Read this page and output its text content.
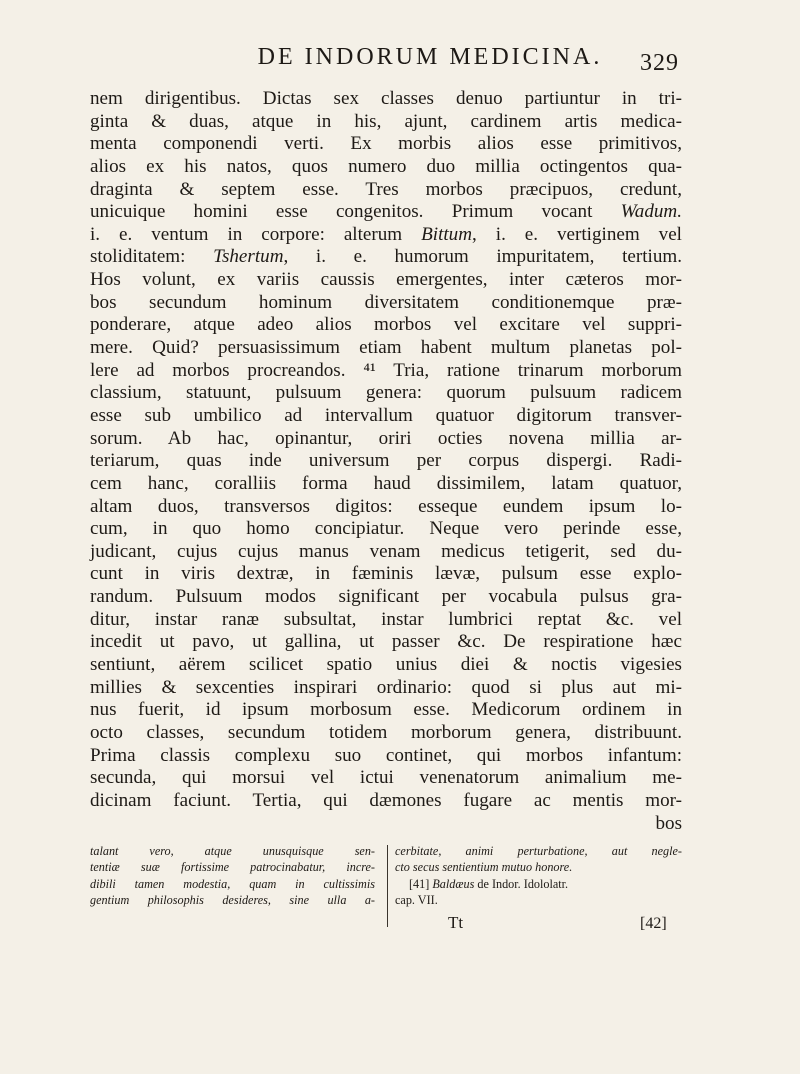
DE INDORUM MEDICINA.	329
nem dirigentibus. Dictas sex classes denuo partiuntur in tri-
ginta & duas, atque in his, ajunt, cardinem artis medica-
menta componendi verti. Ex morbis alios esse primitivos,
alios ex his natos, quos numero duo millia octingentos qua-
draginta & septem esse. Tres morbos præcipuos, credunt,
unicuique homini esse congenitos. Primum vocant Wadum.
i. e. ventum in corpore: alterum Bittum, i. e. vertiginem vel
stoliditatem: Tshertum, i. e. humorum impuritatem, tertium.
Hos volunt, ex variis caussis emergentes, inter cæteros mor-
bos secundum hominum diversitatem conditionemque præ-
ponderare, atque adeo alios morbos vel excitare vel suppri-
mere. Quid? persuasissimum etiam habent multum planetas pol-
lere ad morbos procreandos. ⁴¹ Tria, ratione trinarum morborum
classium, statuunt, pulsuum genera: quorum pulsuum radicem
esse sub umbilico ad intervallum quatuor digitorum transver-
sorum. Ab hac, opinantur, oriri octies novena millia ar-
teriarum, quas inde universum per corpus dispergi. Radi-
cem hanc, coralliis forma haud dissimilem, latam quatuor,
altam duos, transversos digitos: esseque eundem ipsum lo-
cum, in quo homo concipiatur. Neque vero perinde esse,
judicant, cujus cujus manus venam medicus tetigerit, sed du-
cunt in viris dextræ, in fæminis lævæ, pulsum esse explo-
randum. Pulsuum modos significant per vocabula pulsus gra-
ditur, instar ranæ subsultat, instar lumbrici reptat &c. vel
incedit ut pavo, ut gallina, ut passer &c. De respiratione hæc
sentiunt, aërem scilicet spatio unius diei & noctis vigesies
millies & sexcenties inspirari ordinario: quod si plus aut mi-
nus fuerit, id ipsum morbosum esse. Medicorum ordinem in
octo classes, secundum totidem morborum genera, distribuunt.
Prima classis complexu suo continet, qui morbos infantum:
secunda, qui morsui vel ictui venenatorum animalium me-
dicinam faciunt. Tertia, qui dæmones fugare ac mentis mor-
bos
talant vero, atque unusquisque sen-
tentiæ suæ fortissime patrocinabatur, incre-
dibili tamen modestia, quam in cultissimis
gentium philosophis desideres, sine ulla a-
cerbitate, animi perturbatione, aut negle-
cto secus sentientium mutuo honore.
[41] Baldæus de Indor. Idololatr.
cap. VII.
Tt	[42]
